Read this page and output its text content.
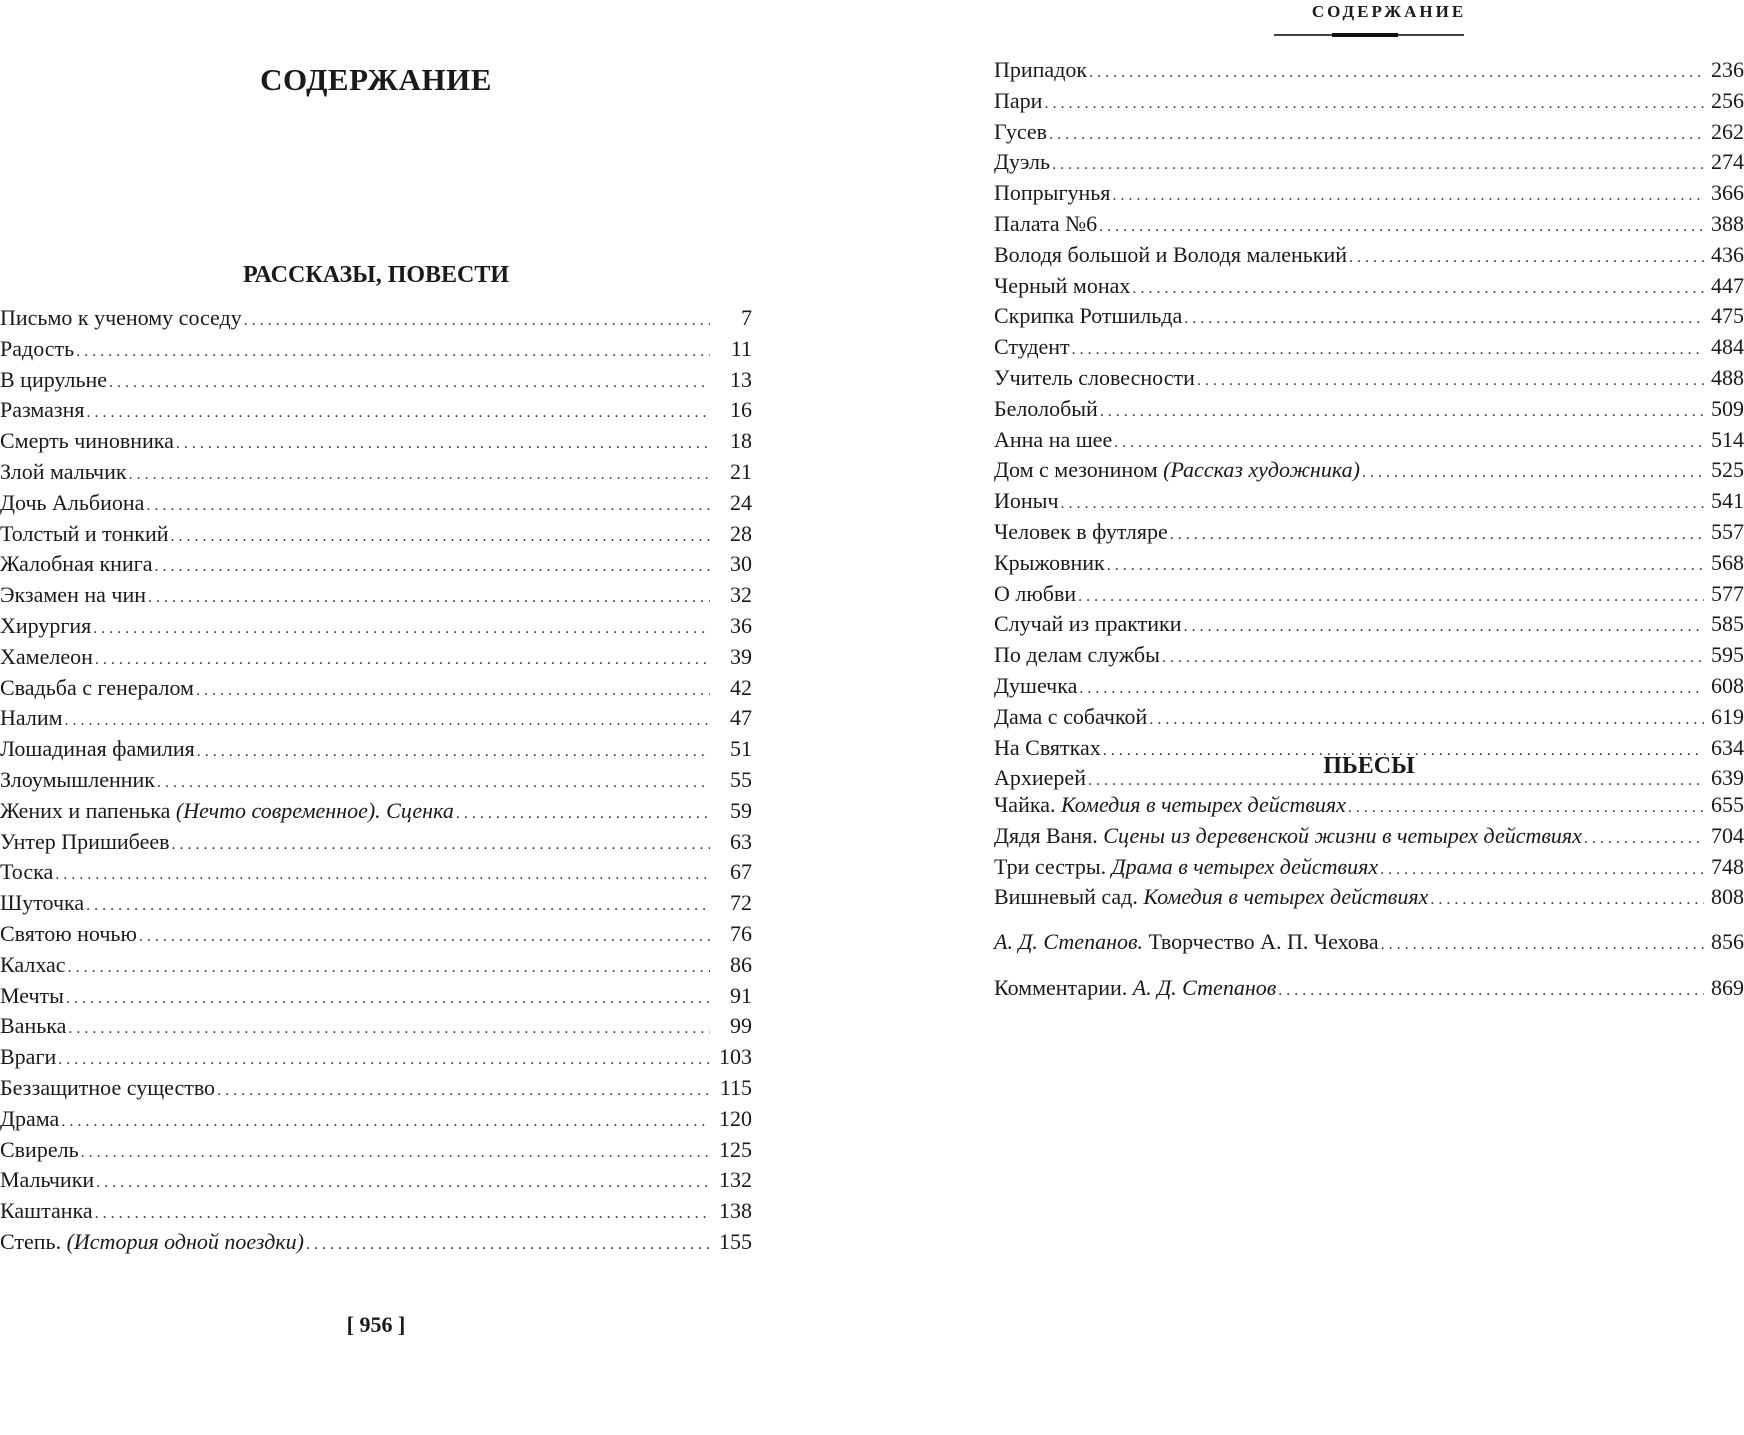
СОДЕРЖАНИЕ
РАССКАЗЫ, ПОВЕСТИ
Письмо к ученому соседу . . .	7
Радость . . .	11
В цирульне . . .	13
Размазня . . .	16
Смерть чиновника . . .	18
Злой мальчик . . .	21
Дочь Альбиона . . .	24
Толстый и тонкий . . .	28
Жалобная книга . . .	30
Экзамен на чин . . .	32
Хирургия . . .	36
Хамелеон . . .	39
Свадьба с генералом . . .	42
Налим . . .	47
Лошадиная фамилия . . .	51
Злоумышленник . . .	55
Жених и папенька (Нечто современное). Сценка . . .	59
Унтер Пришибеев . . .	63
Тоска . . .	67
Шуточка . . .	72
Святою ночью . . .	76
Калхас . . .	86
Мечты . . .	91
Ванька . . .	99
Враги . . .	103
Беззащитное существо . . .	115
Драма . . .	120
Свирель . . .	125
Мальчики . . .	132
Каштанка . . .	138
Степь. (История одной поездки) . . .	155
[ 956 ]
СОДЕРЖАНИЕ
Припадок . . .	236
Пари . . .	256
Гусев . . .	262
Дуэль . . .	274
Попрыгунья . . .	366
Палата №6 . . .	388
Володя большой и Володя маленький . . .	436
Черный монах . . .	447
Скрипка Ротшильда . . .	475
Студент . . .	484
Учитель словесности . . .	488
Белолобый . . .	509
Анна на шее . . .	514
Дом с мезонином (Рассказ художника) . . .	525
Ионыч . . .	541
Человек в футляре . . .	557
Крыжовник . . .	568
О любви . . .	577
Случай из практики . . .	585
По делам службы . . .	595
Душечка . . .	608
Дама с собачкой . . .	619
На Святках . . .	634
Архиерей . . .	639
ПЬЕСЫ
Чайка. Комедия в четырех действиях . . .	655
Дядя Ваня. Сцены из деревенской жизни в четырех действиях . . .	704
Три сестры. Драма в четырех действиях . . .	748
Вишневый сад. Комедия в четырех действиях . . .	808
А. Д. Степанов. Творчество А. П. Чехова . . .	856
Комментарии. А. Д. Степанов . . .	869
